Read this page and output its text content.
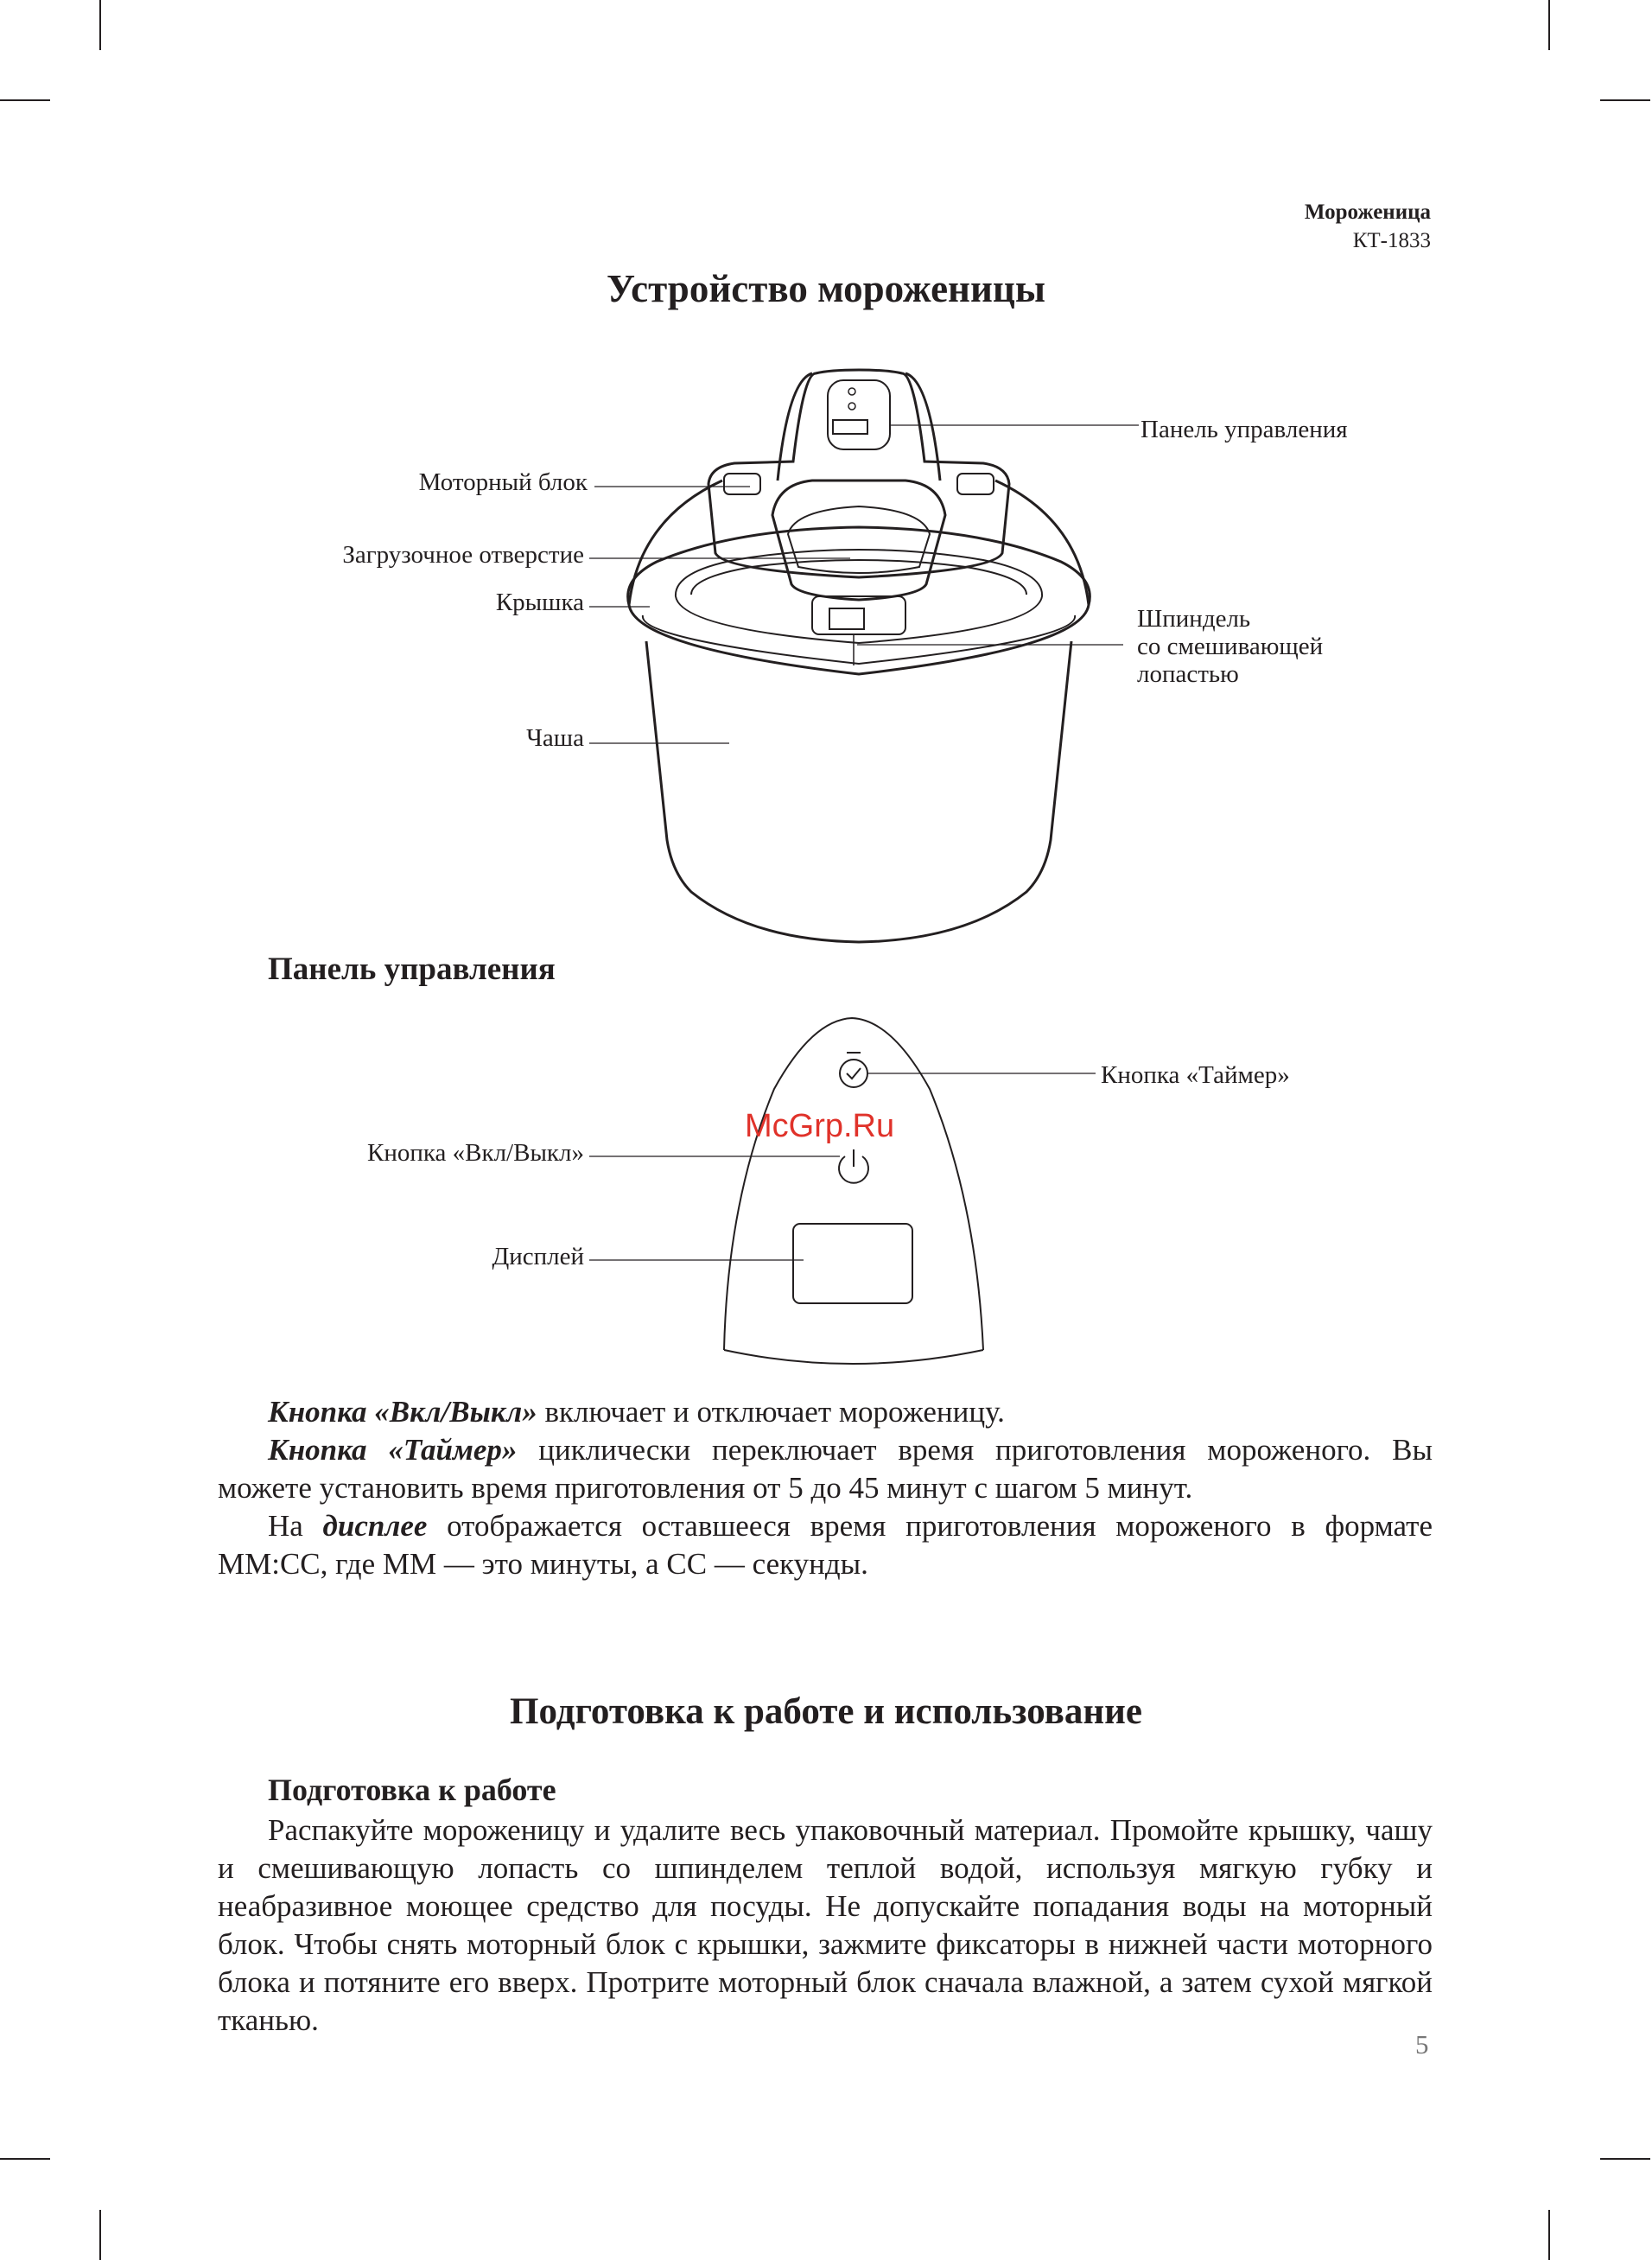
Мороженица
КТ-1833
Устройство мороженицы
Панель управления
Моторный блок
Загрузочное отверстие
Крышка
Шпиндель
со смешивающей
лопастью
Чаша
Панель управления
Кнопка «Таймер»
Кнопка «Вкл/Выкл»
Дисплей
McGrp.Ru

Кнопка «Вкл/Выкл» включает и отключает мороженицу.

Кнопка «Таймер» циклически переключает время приготовления мороженого. Вы можете установить время приготовления от 5 до 45 минут с шагом 5 минут.

На дисплее отображается оставшееся время приготовления мороженого в формате ММ:СС, где ММ — это минуты, а СС — секунды.

Подготовка к работе и использование
Подготовка к работе

Распакуйте мороженицу и удалите весь упаковочный материал. Промойте крышку, чашу и смешивающую лопасть со шпинделем теплой водой, используя мягкую губку и неабразивное моющее средство для посуды. Не допускайте попадания воды на моторный блок. Чтобы снять моторный блок с крышки, зажмите фиксаторы в нижней части моторного блока и потяните его вверх. Протрите моторный блок сначала влажной, а затем сухой мягкой тканью.

5
